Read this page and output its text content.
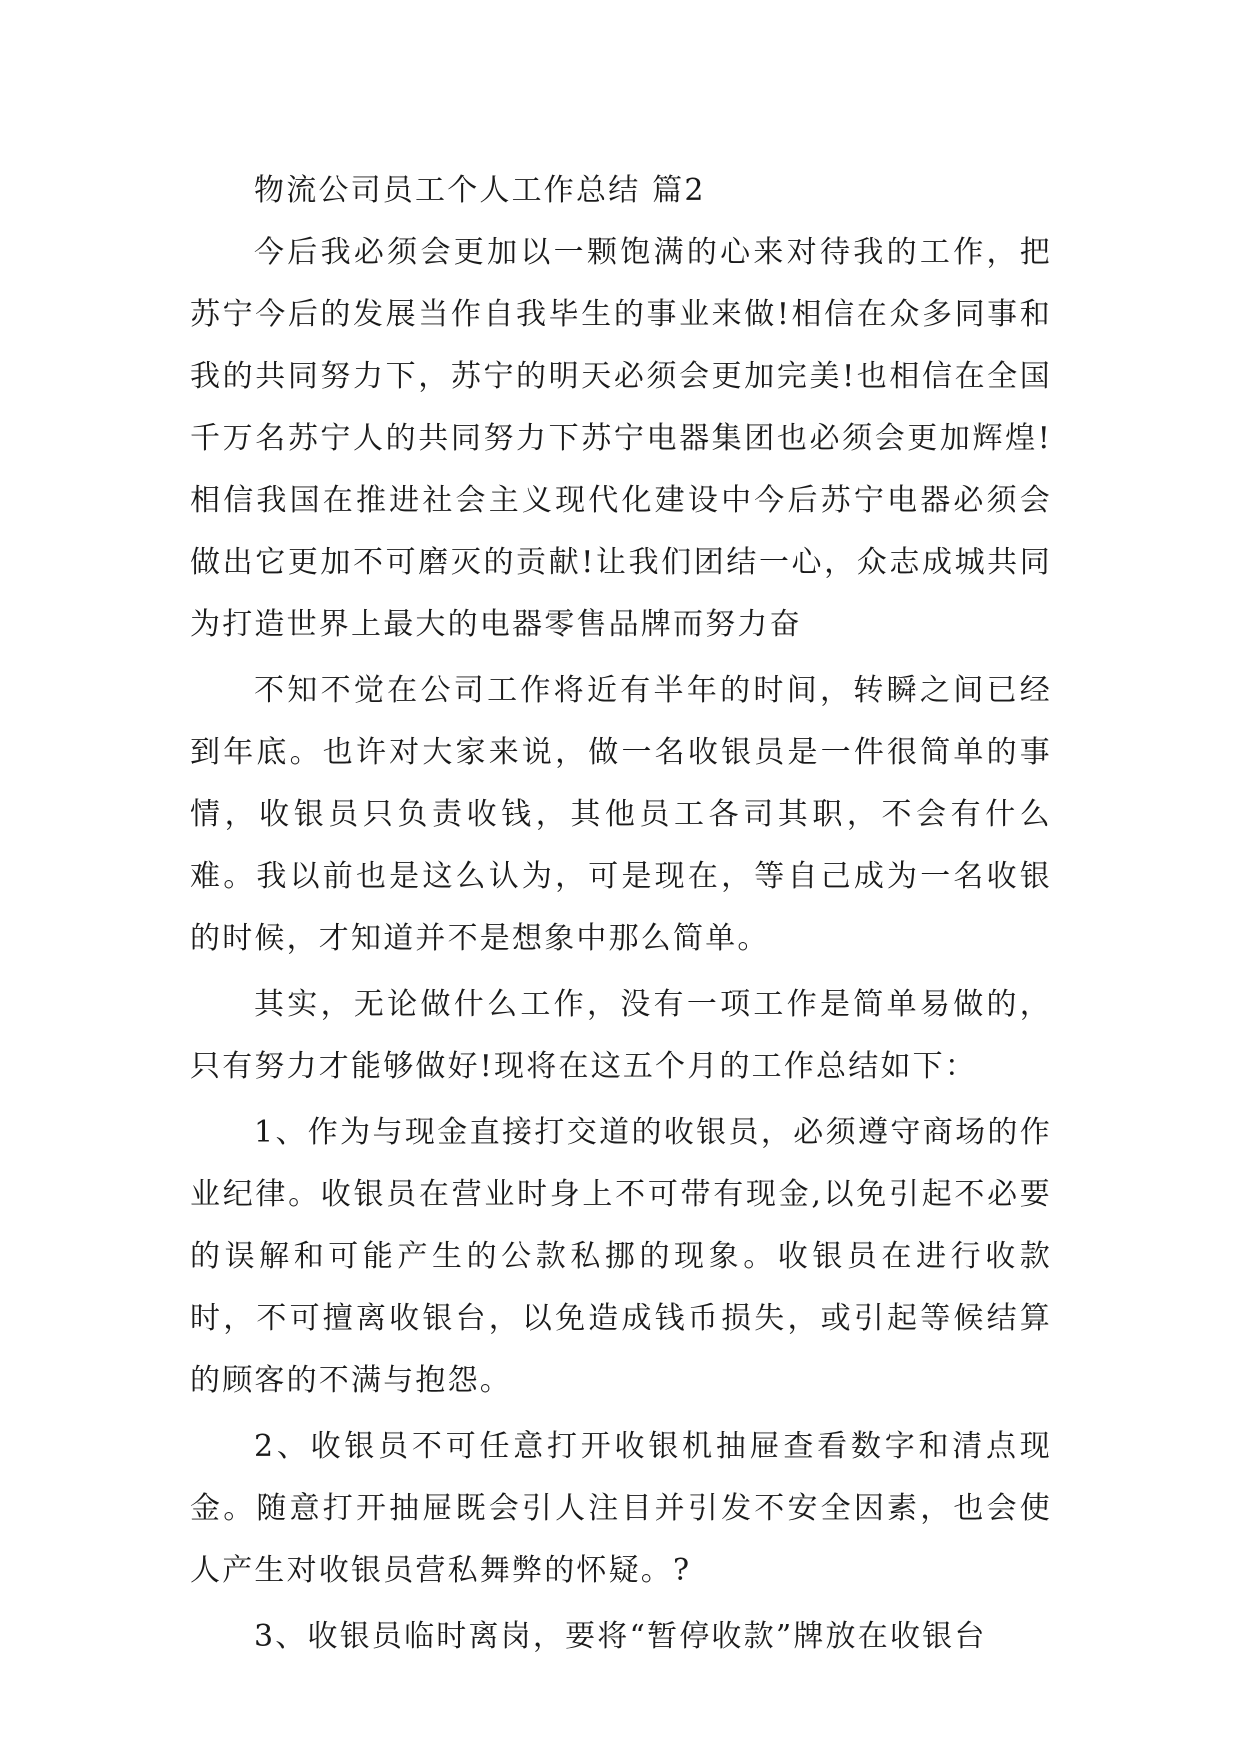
物流公司员工个人工作总结 篇2

今后我必须会更加以一颗饱满的心来对待我的工作，把苏宁今后的发展当作自我毕生的事业来做!相信在众多同事和我的共同努力下，苏宁的明天必须会更加完美!也相信在全国千万名苏宁人的共同努力下苏宁电器集团也必须会更加辉煌!相信我国在推进社会主义现代化建设中今后苏宁电器必须会做出它更加不可磨灭的贡献!让我们团结一心，众志成城共同为打造世界上最大的电器零售品牌而努力奋

不知不觉在公司工作将近有半年的时间，转瞬之间已经到年底。也许对大家来说，做一名收银员是一件很简单的事情，收银员只负责收钱，其他员工各司其职，不会有什么难。我以前也是这么认为，可是现在，等自己成为一名收银的时候，才知道并不是想象中那么简单。

其实，无论做什么工作，没有一项工作是简单易做的，只有努力才能够做好!现将在这五个月的工作总结如下：

1、作为与现金直接打交道的收银员，必须遵守商场的作业纪律。收银员在营业时身上不可带有现金,以免引起不必要的误解和可能产生的公款私挪的现象。收银员在进行收款时，不可擅离收银台，以免造成钱币损失，或引起等候结算的顾客的不满与抱怨。

2、收银员不可任意打开收银机抽屉查看数字和清点现金。随意打开抽屉既会引人注目并引发不安全因素，也会使人产生对收银员营私舞弊的怀疑。?

3、收银员临时离岗，要将“暂停收款”牌放在收银台
